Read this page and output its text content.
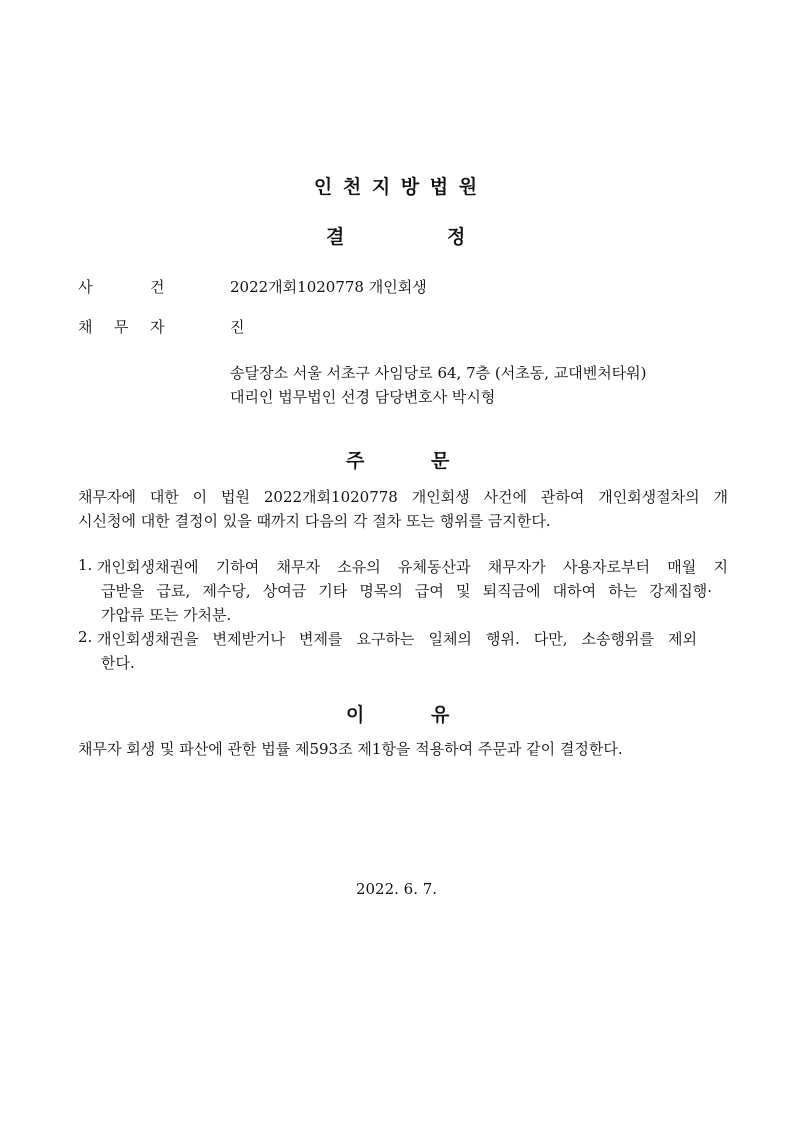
인 천 지 방 법 원
결	정
사	건	2022개회1020778 개인회생
채 무 자	진
송달장소 서울 서초구 사임당로 64, 7층 (서초동, 교대벤처타워)
대리인 법무법인 선경 담당변호사 박시형
주	문
채무자에 대한 이 법원 2022개회1020778 개인회생 사건에 관하여 개인회생절차의 개
시신청에 대한 결정이 있을 때까지 다음의 각 절차 또는 행위를 금지한다.
1. 개인회생채권에 기하여 채무자 소유의 유체동산과 채무자가 사용자로부터 매월 지
급받을 급료, 제수당, 상여금 기타 명목의 급여 및 퇴직금에 대하여 하는 강제집행·
가압류 또는 가처분.
2. 개인회생채권을 변제받거나 변제를 요구하는 일체의 행위. 다만, 소송행위를 제외
한다.
이	유
채무자 회생 및 파산에 관한 법률 제593조 제1항을 적용하여 주문과 같이 결정한다.
2022. 6. 7.
